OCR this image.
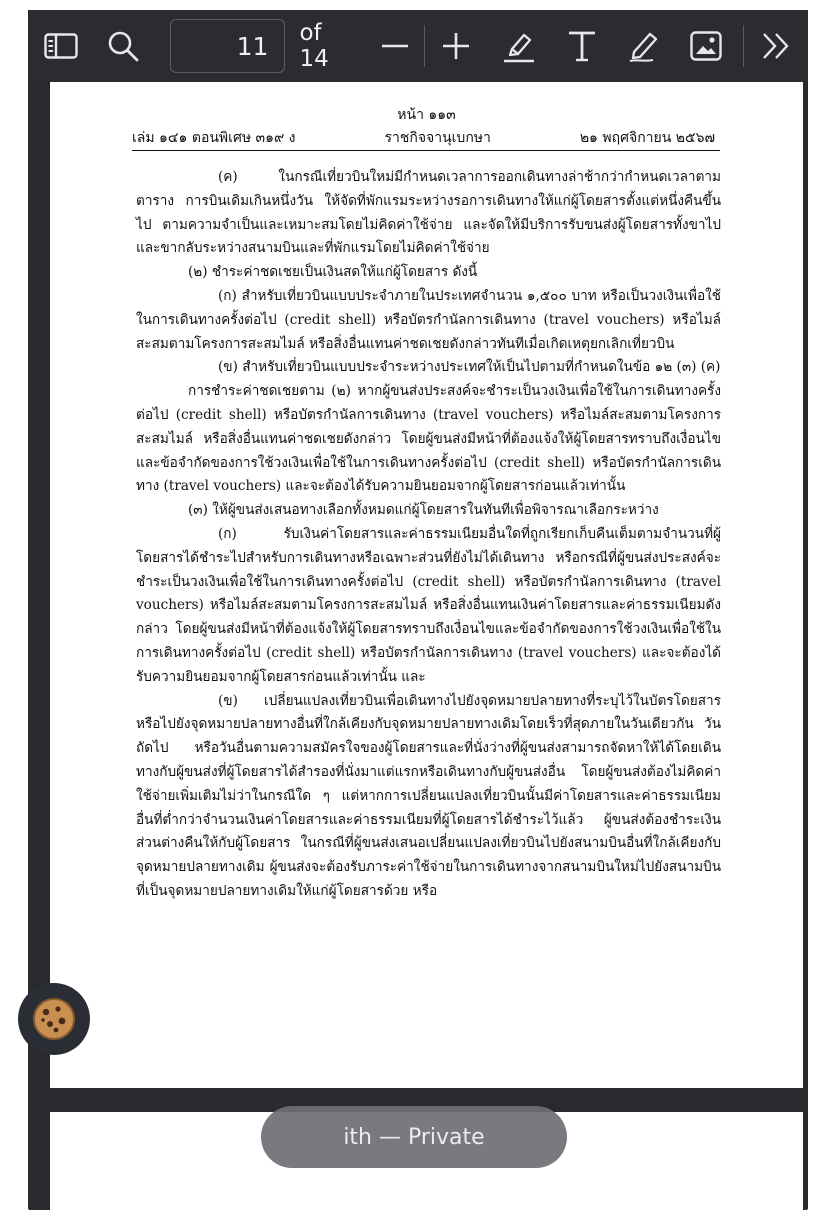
11	of 14
หน้า ๑๑๓
เล่ม ๑๔๑ ตอนพิเศษ ๓๑๙ ง	ราชกิจจานุเบกษา	๒๑ พฤศจิกายน ๒๕๖๗

(ค) ในกรณีเที่ยวบินใหม่มีกำหนดเวลาการออกเดินทางล่าช้ากว่ากำหนดเวลาตามตาราง การบินเดิมเกินหนึ่งวัน ให้จัดที่พักแรมระหว่างรอการเดินทางให้แก่ผู้โดยสารตั้งแต่หนึ่งคืนขึ้นไป ตามความจำเป็นและเหมาะสมโดยไม่คิดค่าใช้จ่าย และจัดให้มีบริการรับขนส่งผู้โดยสารทั้งขาไปและขากลับระหว่างสนามบินและที่พักแรมโดยไม่คิดค่าใช้จ่าย

(๒) ชำระค่าชดเชยเป็นเงินสดให้แก่ผู้โดยสาร ดังนี้

(ก) สำหรับเที่ยวบินแบบประจำภายในประเทศจำนวน ๑,๕๐๐ บาท หรือเป็นวงเงินเพื่อใช้ในการเดินทางครั้งต่อไป (credit shell) หรือบัตรกำนัลการเดินทาง (travel vouchers) หรือไมล์สะสมตามโครงการสะสมไมล์ หรือสิ่งอื่นแทนค่าชดเชยดังกล่าวทันทีเมื่อเกิดเหตุยกเลิกเที่ยวบิน

(ข) สำหรับเที่ยวบินแบบประจำระหว่างประเทศให้เป็นไปตามที่กำหนดในข้อ ๑๒ (๓) (ค)

การชำระค่าชดเชยตาม (๒) หากผู้ขนส่งประสงค์จะชำระเป็นวงเงินเพื่อใช้ในการเดินทางครั้งต่อไป (credit shell) หรือบัตรกำนัลการเดินทาง (travel vouchers) หรือไมล์สะสมตามโครงการสะสมไมล์ หรือสิ่งอื่นแทนค่าชดเชยดังกล่าว โดยผู้ขนส่งมีหน้าที่ต้องแจ้งให้ผู้โดยสารทราบถึงเงื่อนไขและข้อจำกัดของการใช้วงเงินเพื่อใช้ในการเดินทางครั้งต่อไป (credit shell) หรือบัตรกำนัลการเดินทาง (travel vouchers) และจะต้องได้รับความยินยอมจากผู้โดยสารก่อนแล้วเท่านั้น

(๓) ให้ผู้ขนส่งเสนอทางเลือกทั้งหมดแก่ผู้โดยสารในทันทีเพื่อพิจารณาเลือกระหว่าง

(ก) รับเงินค่าโดยสารและค่าธรรมเนียมอื่นใดที่ถูกเรียกเก็บคืนเต็มตามจำนวนที่ผู้โดยสารได้ชำระไปสำหรับการเดินทางหรือเฉพาะส่วนที่ยังไม่ได้เดินทาง หรือกรณีที่ผู้ขนส่งประสงค์จะชำระเป็นวงเงินเพื่อใช้ในการเดินทางครั้งต่อไป (credit shell) หรือบัตรกำนัลการเดินทาง (travel vouchers) หรือไมล์สะสมตามโครงการสะสมไมล์ หรือสิ่งอื่นแทนเงินค่าโดยสารและค่าธรรมเนียมดังกล่าว โดยผู้ขนส่งมีหน้าที่ต้องแจ้งให้ผู้โดยสารทราบถึงเงื่อนไขและข้อจำกัดของการใช้วงเงินเพื่อใช้ในการเดินทางครั้งต่อไป (credit shell) หรือบัตรกำนัลการเดินทาง (travel vouchers) และจะต้องได้รับความยินยอมจากผู้โดยสารก่อนแล้วเท่านั้น และ

(ข) เปลี่ยนแปลงเที่ยวบินเพื่อเดินทางไปยังจุดหมายปลายทางที่ระบุไว้ในบัตรโดยสารหรือไปยังจุดหมายปลายทางอื่นที่ใกล้เคียงกับจุดหมายปลายทางเดิมโดยเร็วที่สุดภายในวันเดียวกัน วันถัดไป หรือวันอื่นตามความสมัครใจของผู้โดยสารและที่นั่งว่างที่ผู้ขนส่งสามารถจัดหาให้ได้โดยเดินทางกับผู้ขนส่งที่ผู้โดยสารได้สำรองที่นั่งมาแต่แรกหรือเดินทางกับผู้ขนส่งอื่น โดยผู้ขนส่งต้องไม่คิดค่าใช้จ่ายเพิ่มเติมไม่ว่าในกรณีใด ๆ แต่หากการเปลี่ยนแปลงเที่ยวบินนั้นมีค่าโดยสารและค่าธรรมเนียมอื่นที่ต่ำกว่าจำนวนเงินค่าโดยสารและค่าธรรมเนียมที่ผู้โดยสารได้ชำระไว้แล้ว ผู้ขนส่งต้องชำระเงินส่วนต่างคืนให้กับผู้โดยสาร ในกรณีที่ผู้ขนส่งเสนอเปลี่ยนแปลงเที่ยวบินไปยังสนามบินอื่นที่ใกล้เคียงกับจุดหมายปลายทางเดิม ผู้ขนส่งจะต้องรับภาระค่าใช้จ่ายในการเดินทางจากสนามบินใหม่ไปยังสนามบินที่เป็นจุดหมายปลายทางเดิมให้แก่ผู้โดยสารด้วย หรือ

ith — Private
